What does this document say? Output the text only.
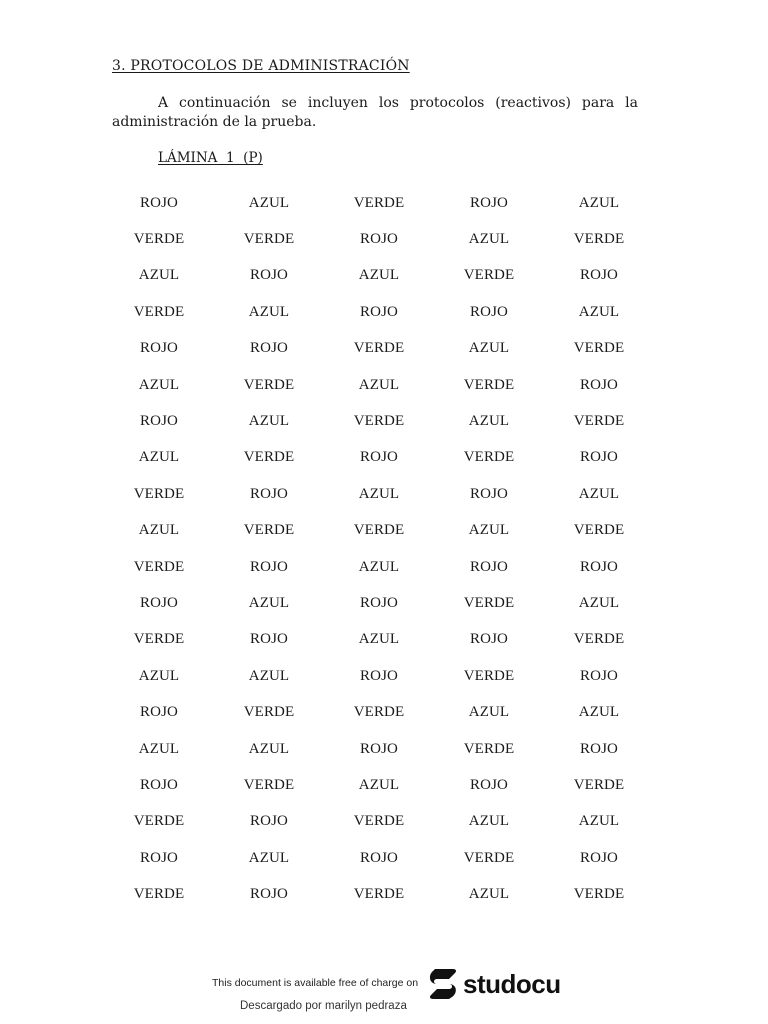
3. PROTOCOLOS DE ADMINISTRACIÓN

A continuación se incluyen los protocolos (reactivos) para la administración de la prueba.

LÁMINA  1  (P)
ROJO	AZUL	VERDE	ROJO	AZUL
VERDE	VERDE	ROJO	AZUL	VERDE
AZUL	ROJO	AZUL	VERDE	ROJO
VERDE	AZUL	ROJO	ROJO	AZUL
ROJO	ROJO	VERDE	AZUL	VERDE
AZUL	VERDE	AZUL	VERDE	ROJO
ROJO	AZUL	VERDE	AZUL	VERDE
AZUL	VERDE	ROJO	VERDE	ROJO
VERDE	ROJO	AZUL	ROJO	AZUL
AZUL	VERDE	VERDE	AZUL	VERDE
VERDE	ROJO	AZUL	ROJO	ROJO
ROJO	AZUL	ROJO	VERDE	AZUL
VERDE	ROJO	AZUL	ROJO	VERDE
AZUL	AZUL	ROJO	VERDE	ROJO
ROJO	VERDE	VERDE	AZUL	AZUL
AZUL	AZUL	ROJO	VERDE	ROJO
ROJO	VERDE	AZUL	ROJO	VERDE
VERDE	ROJO	VERDE	AZUL	AZUL
ROJO	AZUL	ROJO	VERDE	ROJO
VERDE	ROJO	VERDE	AZUL	VERDE
This document is available free of charge on studocu
Descargado por marilyn pedraza
